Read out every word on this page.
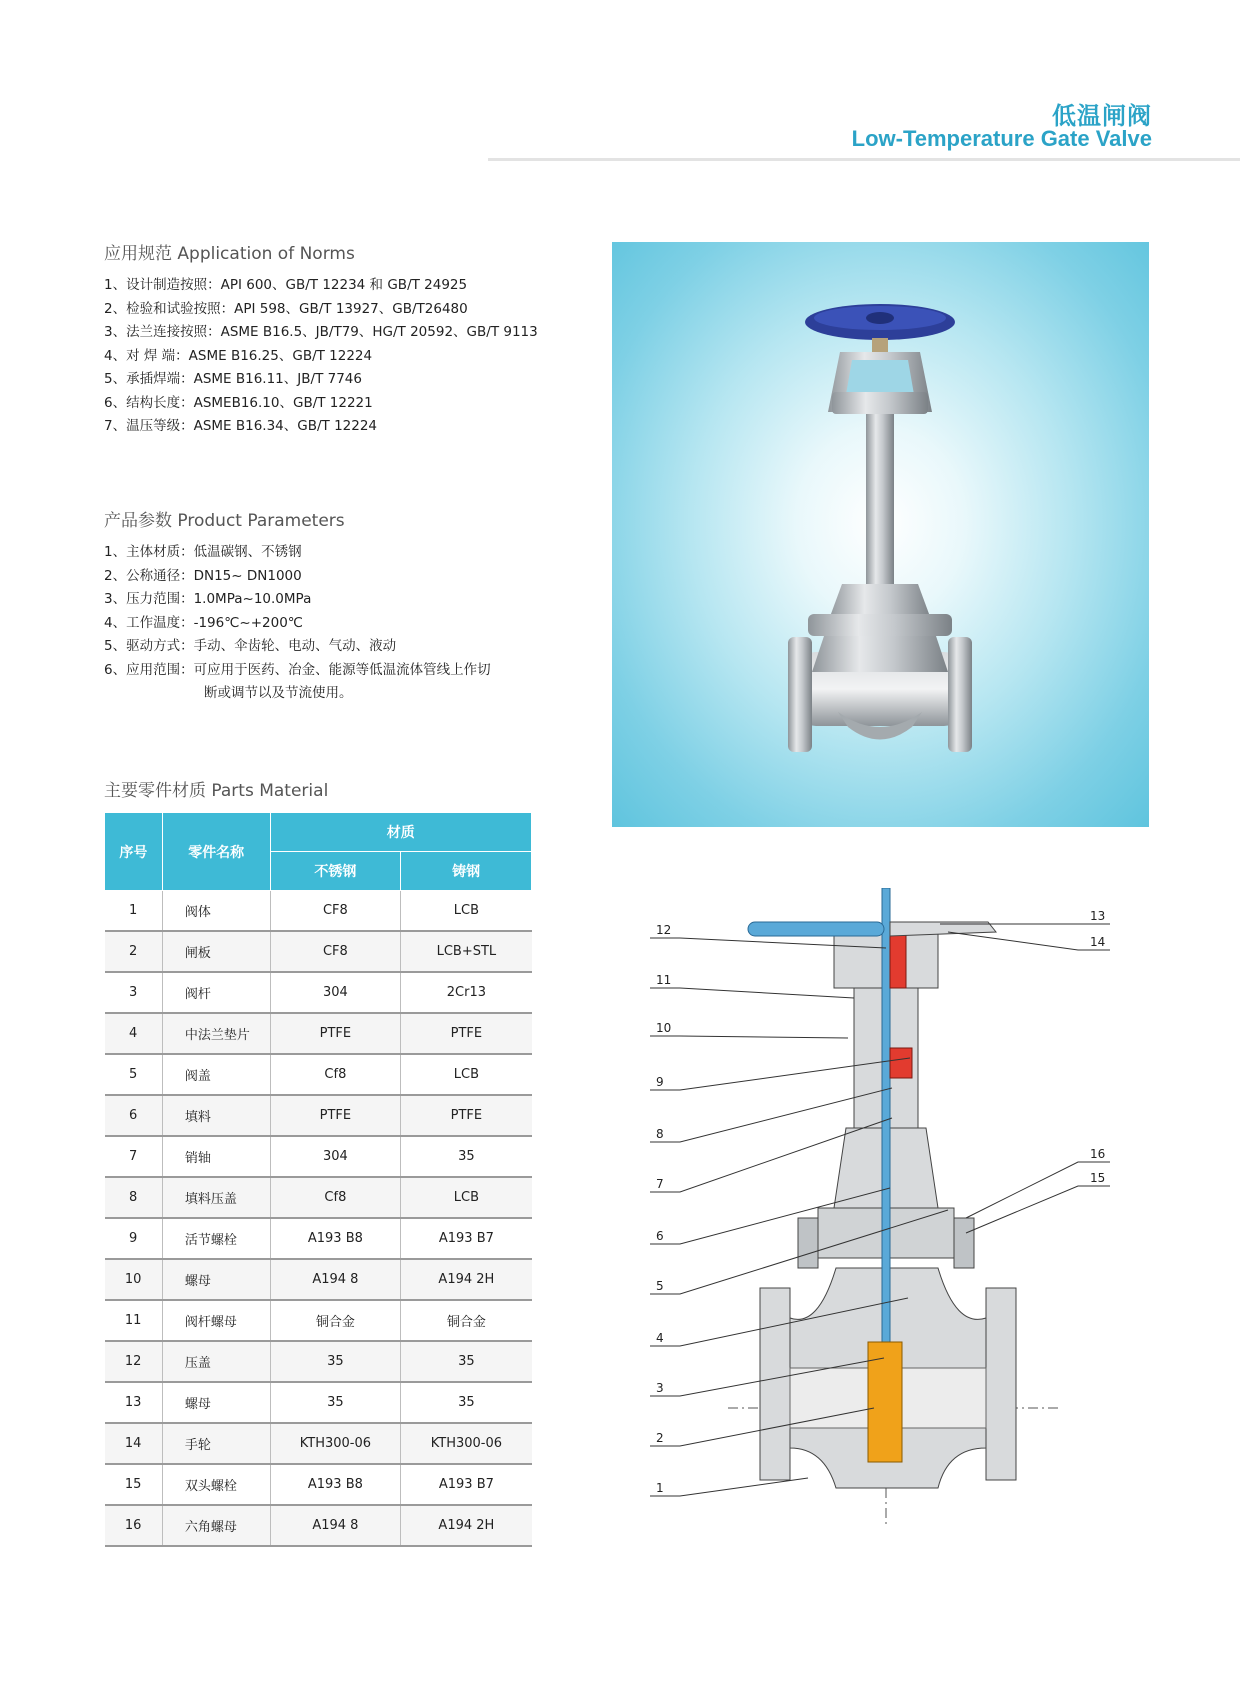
低温闸阀
Low-Temperature Gate Valve
应用规范 Application of Norms
1、设计制造按照：API 600、GB/T 12234 和 GB/T 24925
2、检验和试验按照：API 598、GB/T 13927、GB/T26480
3、法兰连接按照：ASME B16.5、JB/T79、HG/T 20592、GB/T 9113
4、对 焊 端：ASME B16.25、GB/T 12224
5、承插焊端：ASME B16.11、JB/T 7746
6、结构长度：ASMEB16.10、GB/T 12221
7、温压等级：ASME B16.34、GB/T 12224
产品参数 Product Parameters
1、主体材质：低温碳钢、不锈钢
2、公称通径：DN15~ DN1000
3、压力范围：1.0MPa~10.0MPa
4、工作温度：-196℃~+200℃
5、驱动方式：手动、伞齿轮、电动、气动、液动
6、应用范围：可应用于医药、冶金、能源等低温流体管线上作切
断或调节以及节流使用。
主要零件材质 Parts Material
序号	零件名称	材质	
		不锈钢	铸钢
1	阀体	CF8	LCB
2	闸板	CF8	LCB+STL
3	阀杆	304	2Cr13
4	中法兰垫片	PTFE	PTFE
5	阀盖	Cf8	LCB
6	填料	PTFE	PTFE
7	销轴	304	35
8	填料压盖	Cf8	LCB
9	活节螺栓	A193 B8	A193 B7
10	螺母	A194 8	A194 2H
11	阀杆螺母	铜合金	铜合金
12	压盖	35	35
13	螺母	35	35
14	手轮	KTH300-06	KTH300-06
15	双头螺栓	A193 B8	A193 B7
16	六角螺母	A194 8	A194 2H
12
11
10
9
8
7
6
5
4
3
2
1
13
14
16
15
